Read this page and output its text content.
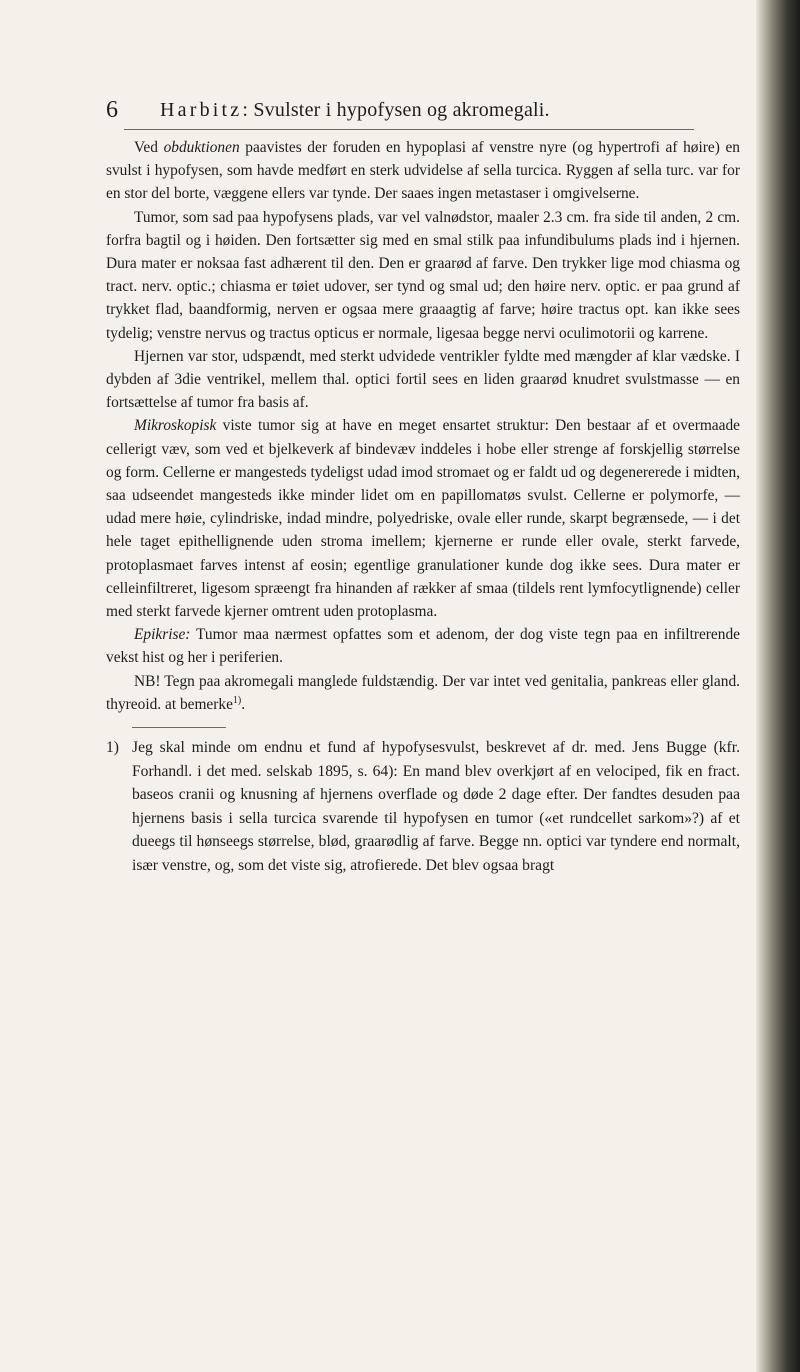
6 Harbitz: Svulster i hypofysen og akromegali.

Ved obduktionen paavistes der foruden en hypoplasi af venstre nyre (og hypertrofi af høire) en svulst i hypofysen, som havde medført en sterk udvidelse af sella turcica. Ryggen af sella turc. var for en stor del borte, væggene ellers var tynde. Der saaes ingen metastaser i omgivelserne.

Tumor, som sad paa hypofysens plads, var vel valnødstor, maaler 2.3 cm. fra side til anden, 2 cm. forfra bagtil og i høiden. Den fortsætter sig med en smal stilk paa infundibulums plads ind i hjernen. Dura mater er noksaa fast adhærent til den. Den er graarød af farve. Den trykker lige mod chiasma og tract. nerv. optic.; chiasma er tøiet udover, ser tynd og smal ud; den høire nerv. optic. er paa grund af trykket flad, baandformig, nerven er ogsaa mere graaagtig af farve; høire tractus opt. kan ikke sees tydelig; venstre nervus og tractus opticus er normale, ligesaa begge nervi oculimotorii og karrene.

Hjernen var stor, udspændt, med sterkt udvidede ventrikler fyldte med mængder af klar vædske. I dybden af 3die ventrikel, mellem thal. optici fortil sees en liden graarød knudret svulstmasse — en fortsættelse af tumor fra basis af.

Mikroskopisk viste tumor sig at have en meget ensartet struktur: Den bestaar af et overmaade cellerigt væv, som ved et bjelkeverk af bindevæv inddeles i hobe eller strenge af forskjellig størrelse og form. Cellerne er mangesteds tydeligst udad imod stromaet og er faldt ud og degenererede i midten, saa udseendet mangesteds ikke minder lidet om en papillomatøs svulst. Cellerne er polymorfe, — udad mere høie, cylindriske, indad mindre, polyedriske, ovale eller runde, skarpt begrænsede, — i det hele taget epithellignende uden stroma imellem; kjernerne er runde eller ovale, sterkt farvede, protoplasmaet farves intenst af eosin; egentlige granulationer kunde dog ikke sees. Dura mater er celleinfiltreret, ligesom spræengt fra hinanden af rækker af smaa (tildels rent lymfocytlignende) celler med sterkt farvede kjerner omtrent uden protoplasma.

Epikrise: Tumor maa nærmest opfattes som et adenom, der dog viste tegn paa en infiltrerende vekst hist og her i periferien.

NB! Tegn paa akromegali manglede fuldstændig. Der var intet ved genitalia, pankreas eller gland. thyreoid. at bemerke$^{1)}$.

1) Jeg skal minde om endnu et fund af hypofysesvulst, beskrevet af dr. med. Jens Bugge (kfr. Forhandl. i det med. selskab 1895, s. 64): En mand blev overkjørt af en velociped, fik en fract. baseos cranii og knusning af hjernens overflade og døde 2 dage efter. Der fandtes desuden paa hjernens basis i sella turcica svarende til hypofysen en tumor («et rundcellet sarkom»?) af et dueegs til hønseegs størrelse, blød, graarødlig af farve. Begge nn. optici var tyndere end normalt, især venstre, og, som det viste sig, atrofierede. Det blev ogsaa bragt
